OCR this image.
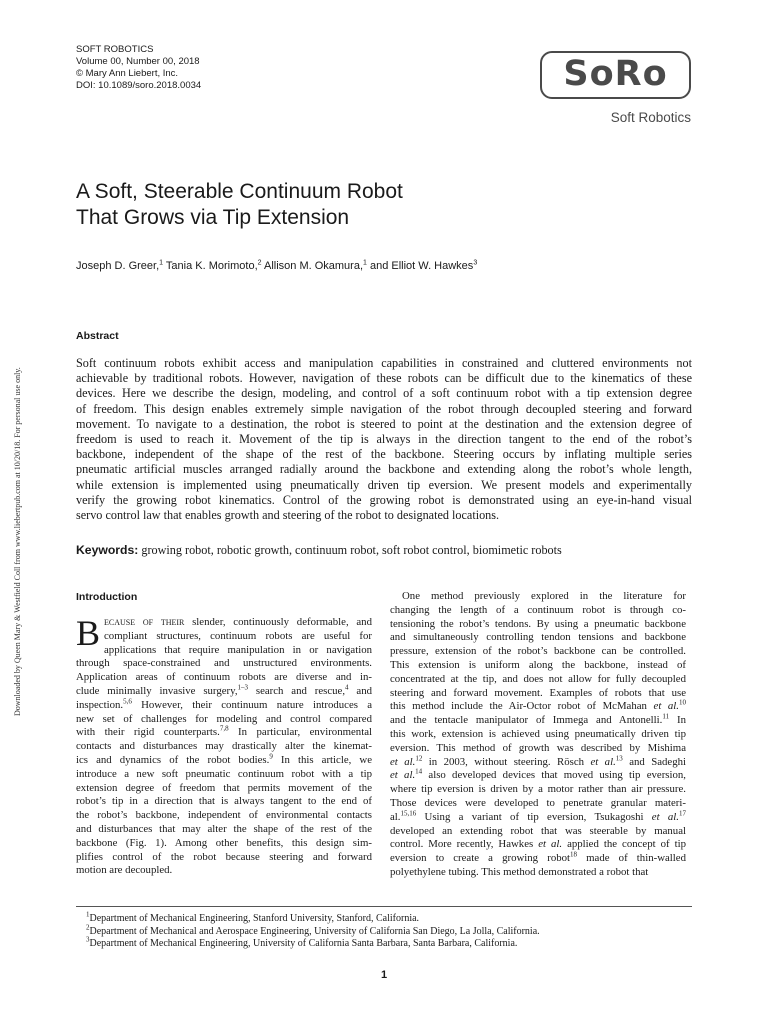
SOFT ROBOTICS
Volume 00, Number 00, 2018
© Mary Ann Liebert, Inc.
DOI: 10.1089/soro.2018.0034	SoRo
Soft Robotics
A Soft, Steerable Continuum Robot
That Grows via Tip Extension
Joseph D. Greer,$^1$ Tania K. Morimoto,$^2$ Allison M. Okamura,$^1$ and Elliot W. Hawkes$^3$
Downloaded by Queen Mary & Westfield Coll from www.liebertpub.com at 10/20/18. For personal use only.
Abstract
Soft continuum robots exhibit access and manipulation capabilities in constrained and cluttered environments not
achievable by traditional robots. However, navigation of these robots can be difficult due to the kinematics of these
devices. Here we describe the design, modeling, and control of a soft continuum robot with a tip extension degree
of freedom. This design enables extremely simple navigation of the robot through decoupled steering and forward
movement. To navigate to a destination, the robot is steered to point at the destination and the extension degree of
freedom is used to reach it. Movement of the tip is always in the direction tangent to the end of the robot’s
backbone, independent of the shape of the rest of the backbone. Steering occurs by inflating multiple series
pneumatic artificial muscles arranged radially around the backbone and extending along the robot’s whole length,
while extension is implemented using pneumatically driven tip eversion. We present models and experimentally
verify the growing robot kinematics. Control of the growing robot is demonstrated using an eye-in-hand visual
servo control law that enables growth and steering of the robot to designated locations.
Keywords: growing robot, robotic growth, continuum robot, soft robot control, biomimetic robots
Introduction
B ecause of their slender, continuously deformable, and
compliant structures, continuum robots are useful for
applications that require manipulation in or navigation
through space-constrained and unstructured environments.
Application areas of continuum robots are diverse and in-
clude minimally invasive surgery,$^{1-3}$ search and rescue,$^4$ and
inspection.$^{5,6}$ However, their continuum nature introduces a
new set of challenges for modeling and control compared
with their rigid counterparts.$^{7,8}$ In particular, environmental
contacts and disturbances may drastically alter the kinemat-
ics and dynamics of the robot bodies.$^9$ In this article, we
introduce a new soft pneumatic continuum robot with a tip
extension degree of freedom that permits movement of the
robot’s tip in a direction that is always tangent to the end of
the robot’s backbone, independent of environmental contacts
and disturbances that may alter the shape of the rest of the
backbone (Fig. 1). Among other benefits, this design sim-
plifies control of the robot because steering and forward
motion are decoupled.
One method previously explored in the literature for
changing the length of a continuum robot is through co-
tensioning the robot’s tendons. By using a pneumatic backbone
and simultaneously controlling tendon tensions and backbone
pressure, extension of the robot’s backbone can be controlled.
This extension is uniform along the backbone, instead of
concentrated at the tip, and does not allow for fully decoupled
steering and forward movement. Examples of robots that use
this method include the Air-Octor robot of McMahan et al.$^{10}$
and the tentacle manipulator of Immega and Antonelli.$^{11}$ In
this work, extension is achieved using pneumatically driven tip
eversion. This method of growth was described by Mishima
et al.$^{12}$ in 2003, without steering. Rösch et al.$^{13}$ and Sadeghi
et al.$^{14}$ also developed devices that moved using tip eversion,
where tip eversion is driven by a motor rather than air pressure.
Those devices were developed to penetrate granular materi-
al.$^{15,16}$ Using a variant of tip eversion, Tsukagoshi et al.$^{17}$
developed an extending robot that was steerable by manual
control. More recently, Hawkes et al. applied the concept of tip
eversion to create a growing robot$^{18}$ made of thin-walled
polyethylene tubing. This method demonstrated a robot that
$^1$Department of Mechanical Engineering, Stanford University, Stanford, California.
$^2$Department of Mechanical and Aerospace Engineering, University of California San Diego, La Jolla, California.
$^3$Department of Mechanical Engineering, University of California Santa Barbara, Santa Barbara, California.
1
